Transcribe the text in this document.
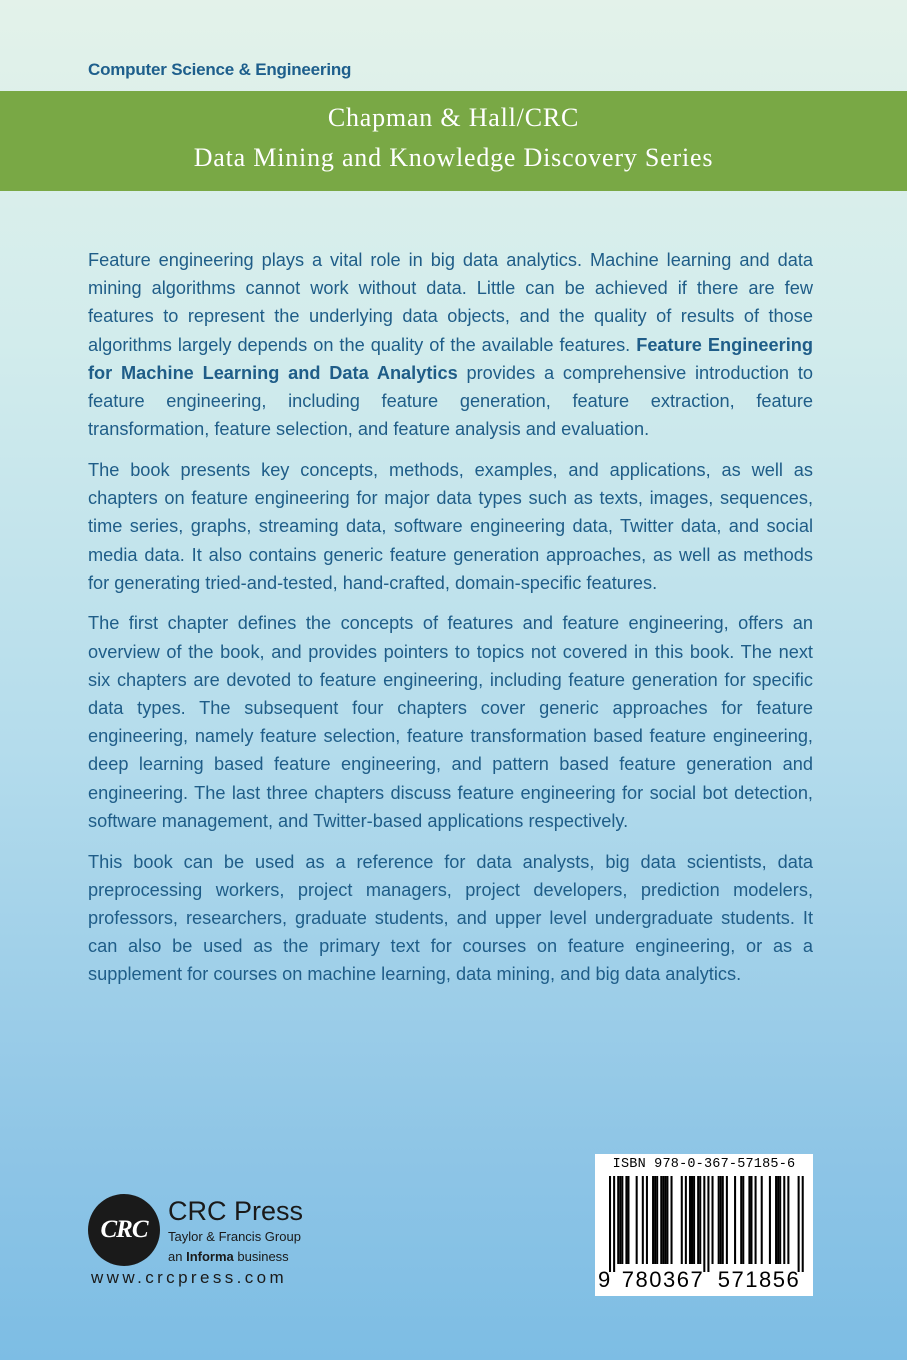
Computer Science & Engineering
Chapman & Hall/CRC
Data Mining and Knowledge Discovery Series

Feature engineering plays a vital role in big data analytics. Machine learning and data mining algorithms cannot work without data. Little can be achieved if there are few features to represent the underlying data objects, and the quality of results of those algorithms largely depends on the quality of the available features. Feature Engineering for Machine Learning and Data Analytics provides a comprehensive introduction to feature engineering, including feature generation, feature extraction, feature transformation, feature selection, and feature analysis and evaluation.

The book presents key concepts, methods, examples, and applications, as well as chapters on feature engineering for major data types such as texts, images, sequences, time series, graphs, streaming data, software engineering data, Twitter data, and social media data. It also contains generic feature generation approaches, as well as methods for generating tried-and-tested, hand-crafted, domain-specific features.

The first chapter defines the concepts of features and feature engineering, offers an overview of the book, and provides pointers to topics not covered in this book. The next six chapters are devoted to feature engineering, including feature generation for specific data types. The subsequent four chapters cover generic approaches for feature engineering, namely feature selection, feature transformation based feature engineering, deep learning based feature engineering, and pattern based feature generation and engineering. The last three chapters discuss feature engineering for social bot detection, software management, and Twitter-based applications respectively.

This book can be used as a reference for data analysts, big data scientists, data preprocessing workers, project managers, project developers, prediction modelers, professors, researchers, graduate students, and upper level undergraduate students. It can also be used as the primary text for courses on feature engineering, or as a supplement for courses on machine learning, data mining, and big data analytics.

CRC
CRC Press
Taylor & Francis Group
an Informa business
www.crcpress.com
ISBN 978-0-367-57185-6
9 780367 571856
